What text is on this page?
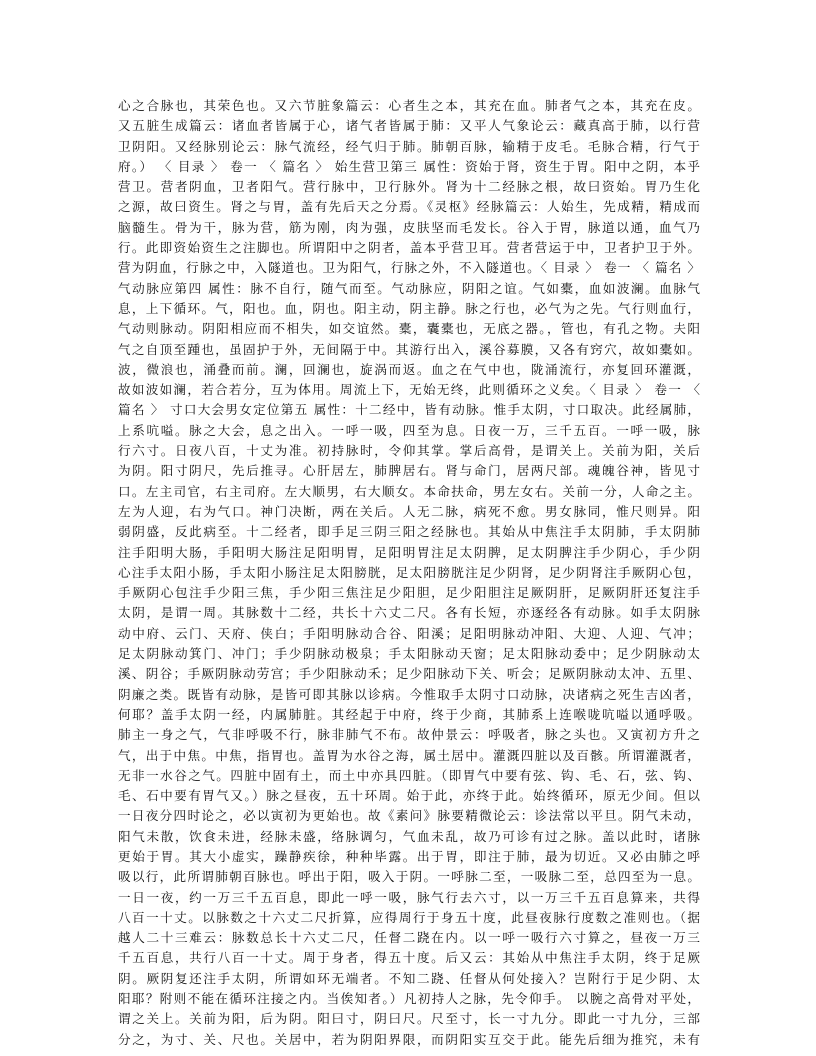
心之合脉也，其荣色也。又六节脏象篇云：心者生之本，其充在血。肺者气之本，其充在皮。
又五脏生成篇云：诸血者皆属于心，诸气者皆属于肺：又平人气象论云：藏真高于肺，以行营
卫阴阳。又经脉别论云：脉气流经，经气归于肺。肺朝百脉，输精于皮毛。毛脉合精，行气于
府。） 〈 目录 〉 卷一 〈 篇名 〉 始生营卫第三 属性：资始于肾，资生于胃。阳中之阴，本乎
营卫。营者阴血，卫者阳气。营行脉中，卫行脉外。肾为十二经脉之根，故曰资始。胃乃生化
之源，故曰资生。肾之与胃，盖有先后天之分焉。《灵枢》经脉篇云：人始生，先成精，精成而
脑髓生。骨为干，脉为营，筋为刚，肉为强，皮肤坚而毛发长。谷入于胃，脉道以通，血气乃
行。此即资始资生之注脚也。所谓阳中之阴者，盖本乎营卫耳。营者营运于中，卫者护卫于外。
营为阴血，行脉之中，入隧道也。卫为阳气，行脉之外，不入隧道也。〈 目录 〉 卷一 〈 篇名 〉
气动脉应第四 属性：脉不自行，随气而至。气动脉应，阴阳之谊。气如橐，血如波澜。血脉气
息，上下循环。气，阳也。血，阴也。阳主动，阴主静。脉之行也，必气为之先。气行则血行，
气动则脉动。阴阳相应而不相失，如交谊然。橐，囊橐也，无底之器。，管也，有孔之物。夫阳
气之自顶至踵也，虽固护于外，无间隔于中。其游行出入，溪谷募膜，又各有窍穴，故如橐如。
波，微浪也，涌叠而前。澜，回澜也，旋涡而返。血之在气中也，陇涌流行，亦复回环灌溉，
故如波如澜，若合若分，互为体用。周流上下，无始无终，此则循环之义矣。〈 目录 〉 卷一 〈
篇名 〉 寸口大会男女定位第五 属性：十二经中，皆有动脉。惟手太阴，寸口取决。此经属肺，
上系吭嗌。脉之大会，息之出入。一呼一吸，四至为息。日夜一万，三千五百。一呼一吸，脉
行六寸。日夜八百，十丈为准。初持脉时，令仰其掌。掌后高骨，是谓关上。关前为阳，关后
为阴。阳寸阴尺，先后推寻。心肝居左，肺脾居右。肾与命门，居两尺部。魂魄谷神，皆见寸
口。左主司官，右主司府。左大顺男，右大顺女。本命扶命，男左女右。关前一分，人命之主。
左为人迎，右为气口。神门决断，两在关后。人无二脉，病死不愈。男女脉同，惟尺则异。阳
弱阴盛，反此病至。十二经者，即手足三阴三阳之经脉也。其始从中焦注手太阴肺，手太阴肺
注手阳明大肠，手阳明大肠注足阳明胃，足阳明胃注足太阴脾，足太阴脾注手少阴心，手少阴
心注手太阳小肠，手太阳小肠注足太阳膀胱，足太阳膀胱注足少阴肾，足少阴肾注手厥阴心包，
手厥阴心包注手少阳三焦，手少阳三焦注足少阳胆，足少阳胆注足厥阴肝，足厥阴肝还复注手
太阴，是谓一周。其脉数十二经，共长十六丈二尺。各有长短，亦逐经各有动脉。如手太阴脉
动中府、云门、天府、侠白；手阳明脉动合谷、阳溪；足阳明脉动冲阳、大迎、人迎、气冲；
足太阴脉动箕门、冲门；手少阴脉动极泉；手太阳脉动天窗；足太阳脉动委中；足少阴脉动太
溪、阴谷；手厥阴脉动劳宫；手少阳脉动禾；足少阳脉动下关、听会；足厥阴脉动太冲、五里、
阴廉之类。既皆有动脉，是皆可即其脉以诊病。今惟取手太阴寸口动脉，决诸病之死生吉凶者，
何耶？盖手太阴一经，内属肺脏。其经起于中府，终于少商，其肺系上连喉咙吭嗌以通呼吸。
肺主一身之气，气非呼吸不行，脉非肺气不布。故仲景云：呼吸者，脉之头也。又寅初方升之
气，出于中焦。中焦，指胃也。盖胃为水谷之海，属土居中。灌溉四脏以及百骸。所谓灌溉者，
无非一水谷之气。四脏中固有土，而土中亦具四脏。（即胃气中要有弦、钩、毛、石，弦、钩、
毛、石中要有胃气又。）脉之昼夜，五十环周。始于此，亦终于此。始终循环，原无少间。但以
一日夜分四时论之，必以寅初为更始也。故《素问》脉要精微论云：诊法常以平旦。阴气未动，
阳气未散，饮食未进，经脉未盛，络脉调匀，气血未乱，故乃可诊有过之脉。盖以此时，诸脉
更始于胃。其大小虚实，躁静疾徐，种种毕露。出于胃，即注于肺，最为切近。又必由肺之呼
吸以行，此所谓肺朝百脉也。呼出于阳，吸入于阴。一呼脉二至，一吸脉二至，总四至为一息。
一日一夜，约一万三千五百息，即此一呼一吸，脉气行去六寸，以一万三千五百息算来，共得
八百一十丈。以脉数之十六丈二尺折算，应得周行于身五十度，此昼夜脉行度数之准则也。（据
越人二十三难云：脉数总长十六丈二尺，任督二跷在内。以一呼一吸行六寸算之，昼夜一万三
千五百息，共行八百一十丈。周于身者，得五十度。后又云：其始从中焦注手太阴，终于足厥
阴。厥阴复还注手太阴，所谓如环无端者。不知二跷、任督从何处接入？岂附行于足少阴、太
阳耶？附则不能在循环注接之内。当俟知者。）凡初持人之脉，先令仰手。 以腕之高骨对平处，
谓之关上。关前为阳，后为阴。阳曰寸，阴曰尺。尺至寸，长一寸九分。即此一寸九分，三部
分之，为寸、关、尺也。关居中，若为阴阳界限，而阴阳实互交于此。能先后细为推究，未有
